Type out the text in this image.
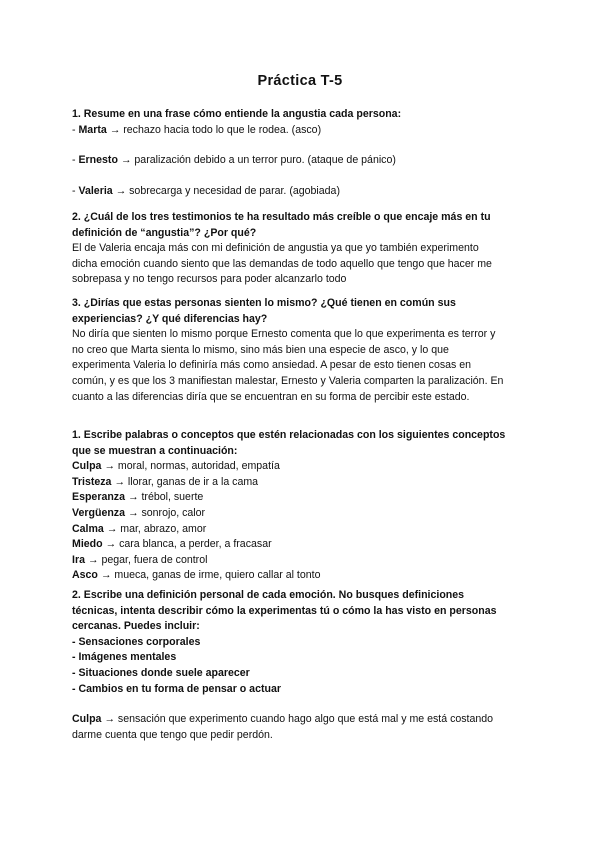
Práctica T-5
1. Resume en una frase cómo entiende la angustia cada persona:
- Marta → rechazo hacia todo lo que le rodea. (asco)
- Ernesto → paralización debido a un terror puro. (ataque de pánico)
- Valeria → sobrecarga y necesidad de parar. (agobiada)
2. ¿Cuál de los tres testimonios te ha resultado más creíble o que encaje más en tu
definición de “angustia”? ¿Por qué?
El de Valeria encaja más con mi definición de angustia ya que yo también experimento
dicha emoción cuando siento que las demandas de todo aquello que tengo que hacer me
sobrepasa y no tengo recursos para poder alcanzarlo todo
3. ¿Dirías que estas personas sienten lo mismo? ¿Qué tienen en común sus
experiencias? ¿Y qué diferencias hay?
No diría que sienten lo mismo porque Ernesto comenta que lo que experimenta es terror y
no creo que Marta sienta lo mismo, sino más bien una especie de asco, y lo que
experimenta Valeria lo definiría más como ansiedad. A pesar de esto tienen cosas en
común, y es que los 3 manifiestan malestar, Ernesto y Valeria comparten la paralización. En
cuanto a las diferencias diría que se encuentran en su forma de percibir este estado.
1. Escribe palabras o conceptos que estén relacionadas con los siguientes conceptos
que se muestran a continuación:
Culpa → moral, normas, autoridad, empatía
Tristeza → llorar, ganas de ir a la cama
Esperanza → trébol, suerte
Vergüenza → sonrojo, calor
Calma → mar, abrazo, amor
Miedo → cara blanca, a perder, a fracasar
Ira → pegar, fuera de control
Asco → mueca, ganas de irme, quiero callar al tonto
2. Escribe una definición personal de cada emoción. No busques definiciones
técnicas, intenta describir cómo la experimentas tú o cómo la has visto en personas
cercanas. Puedes incluir:
- Sensaciones corporales
- Imágenes mentales
- Situaciones donde suele aparecer
- Cambios en tu forma de pensar o actuar
Culpa → sensación que experimento cuando hago algo que está mal y me está costando
darme cuenta que tengo que pedir perdón.
